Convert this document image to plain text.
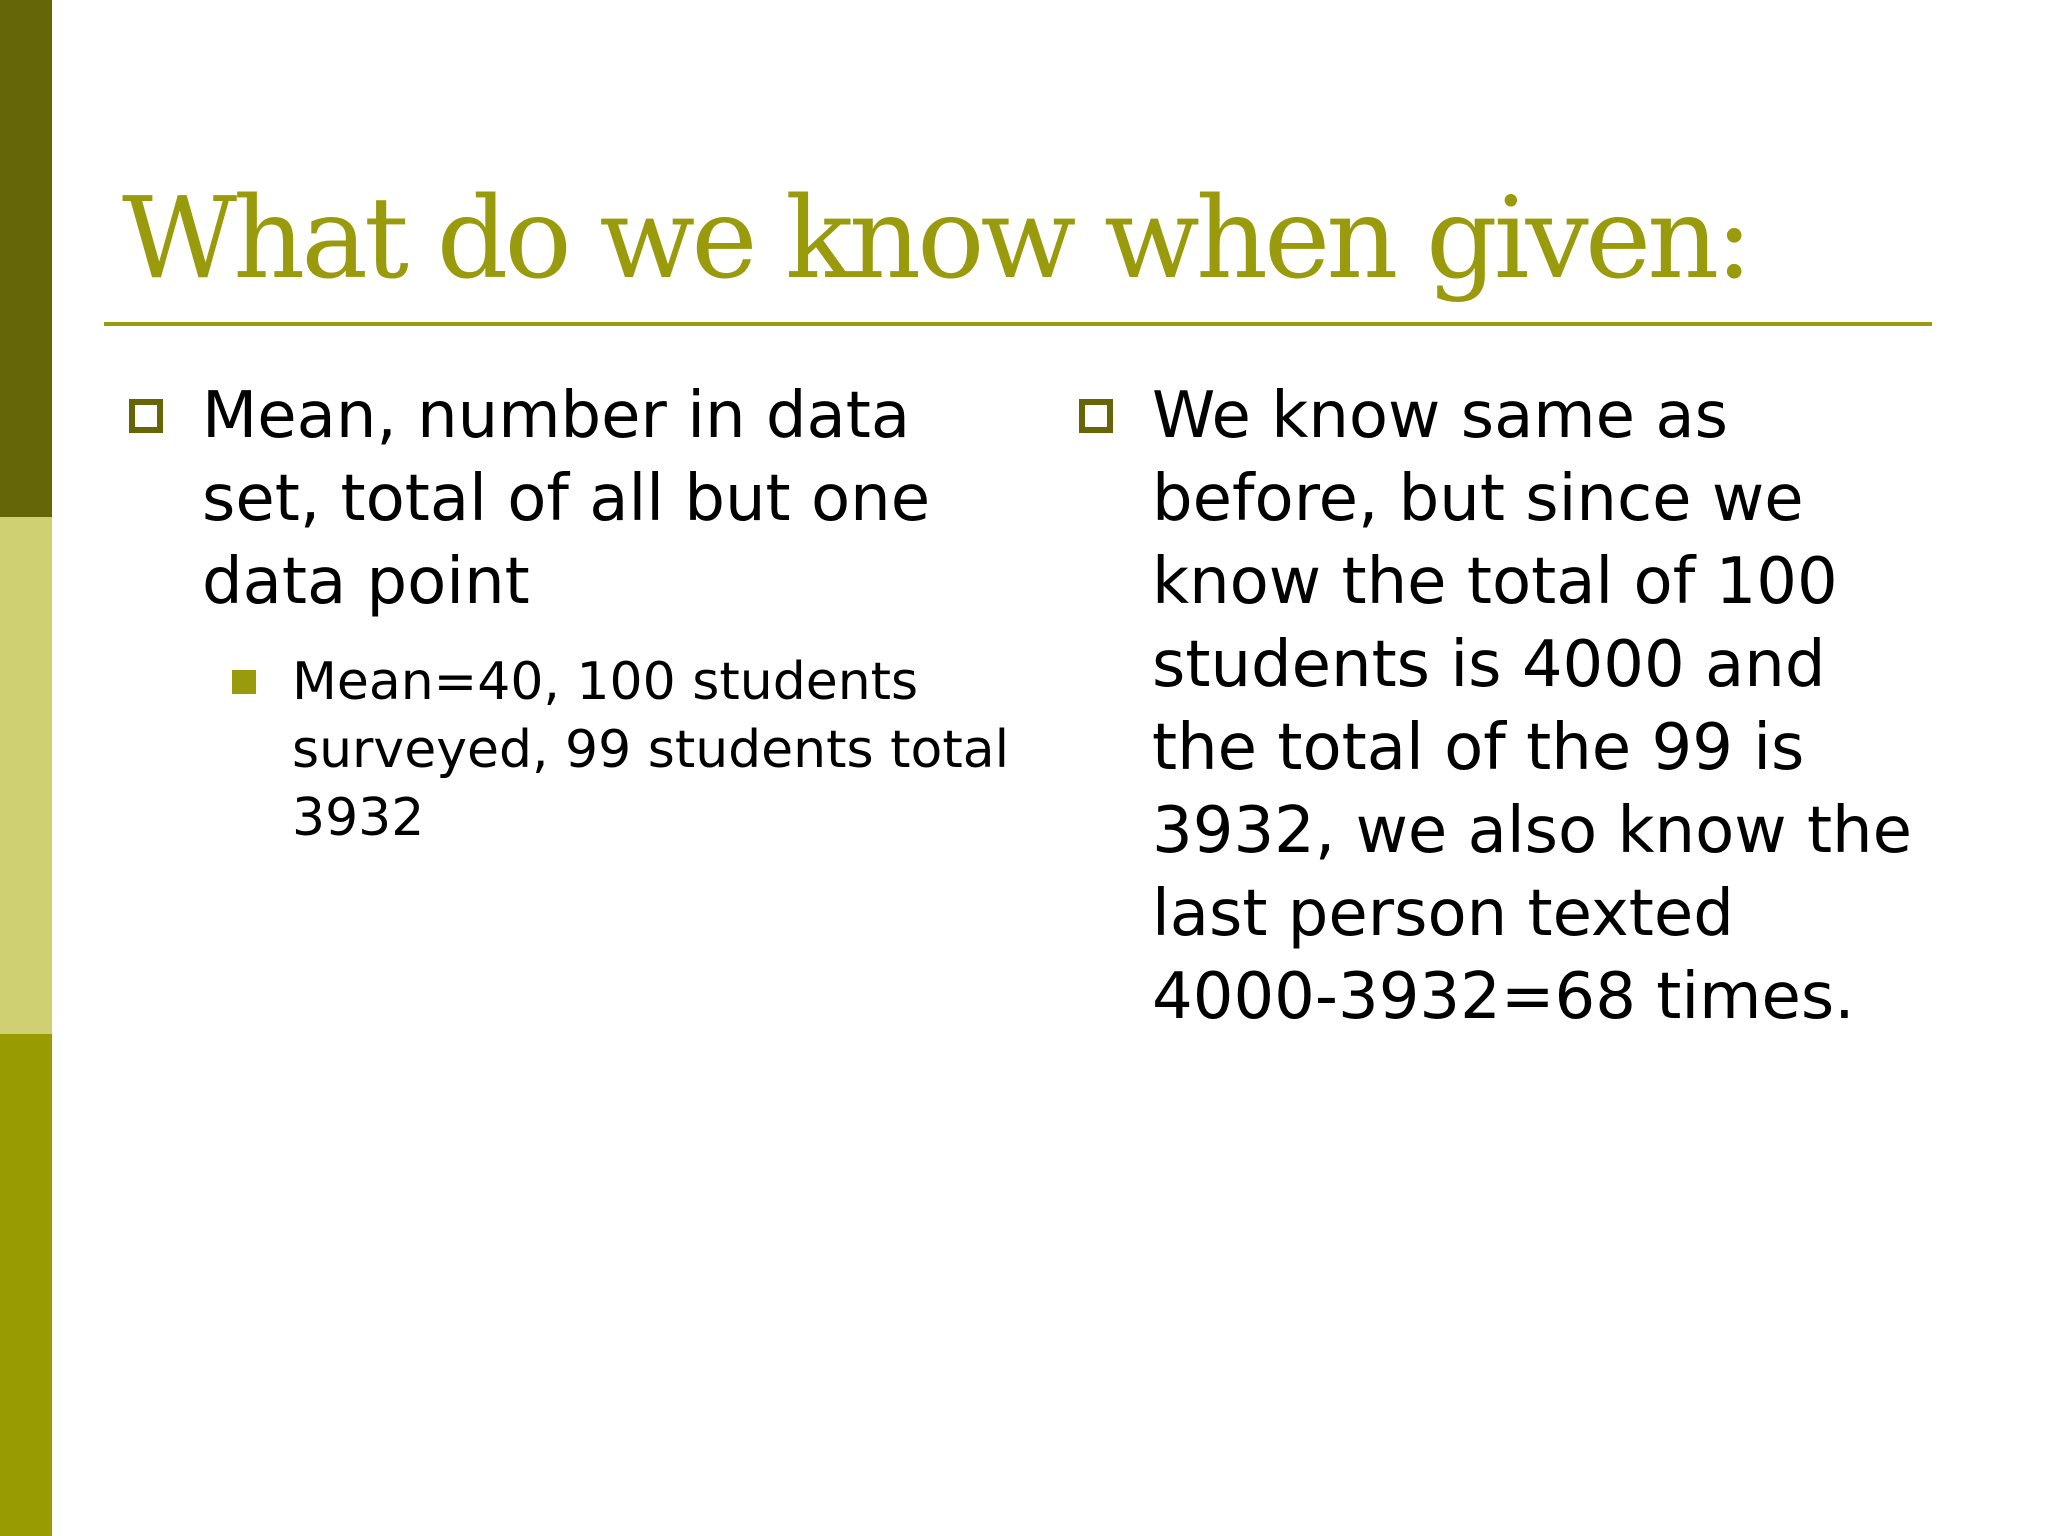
What do we know when given:
Mean, number in data set, total of all but one data point
Mean=40, 100 students surveyed, 99 students total 3932
We know same as before, but since we know the total of 100 students is 4000 and the total of the 99 is 3932, we also know the last person texted 4000-3932=68 times.
